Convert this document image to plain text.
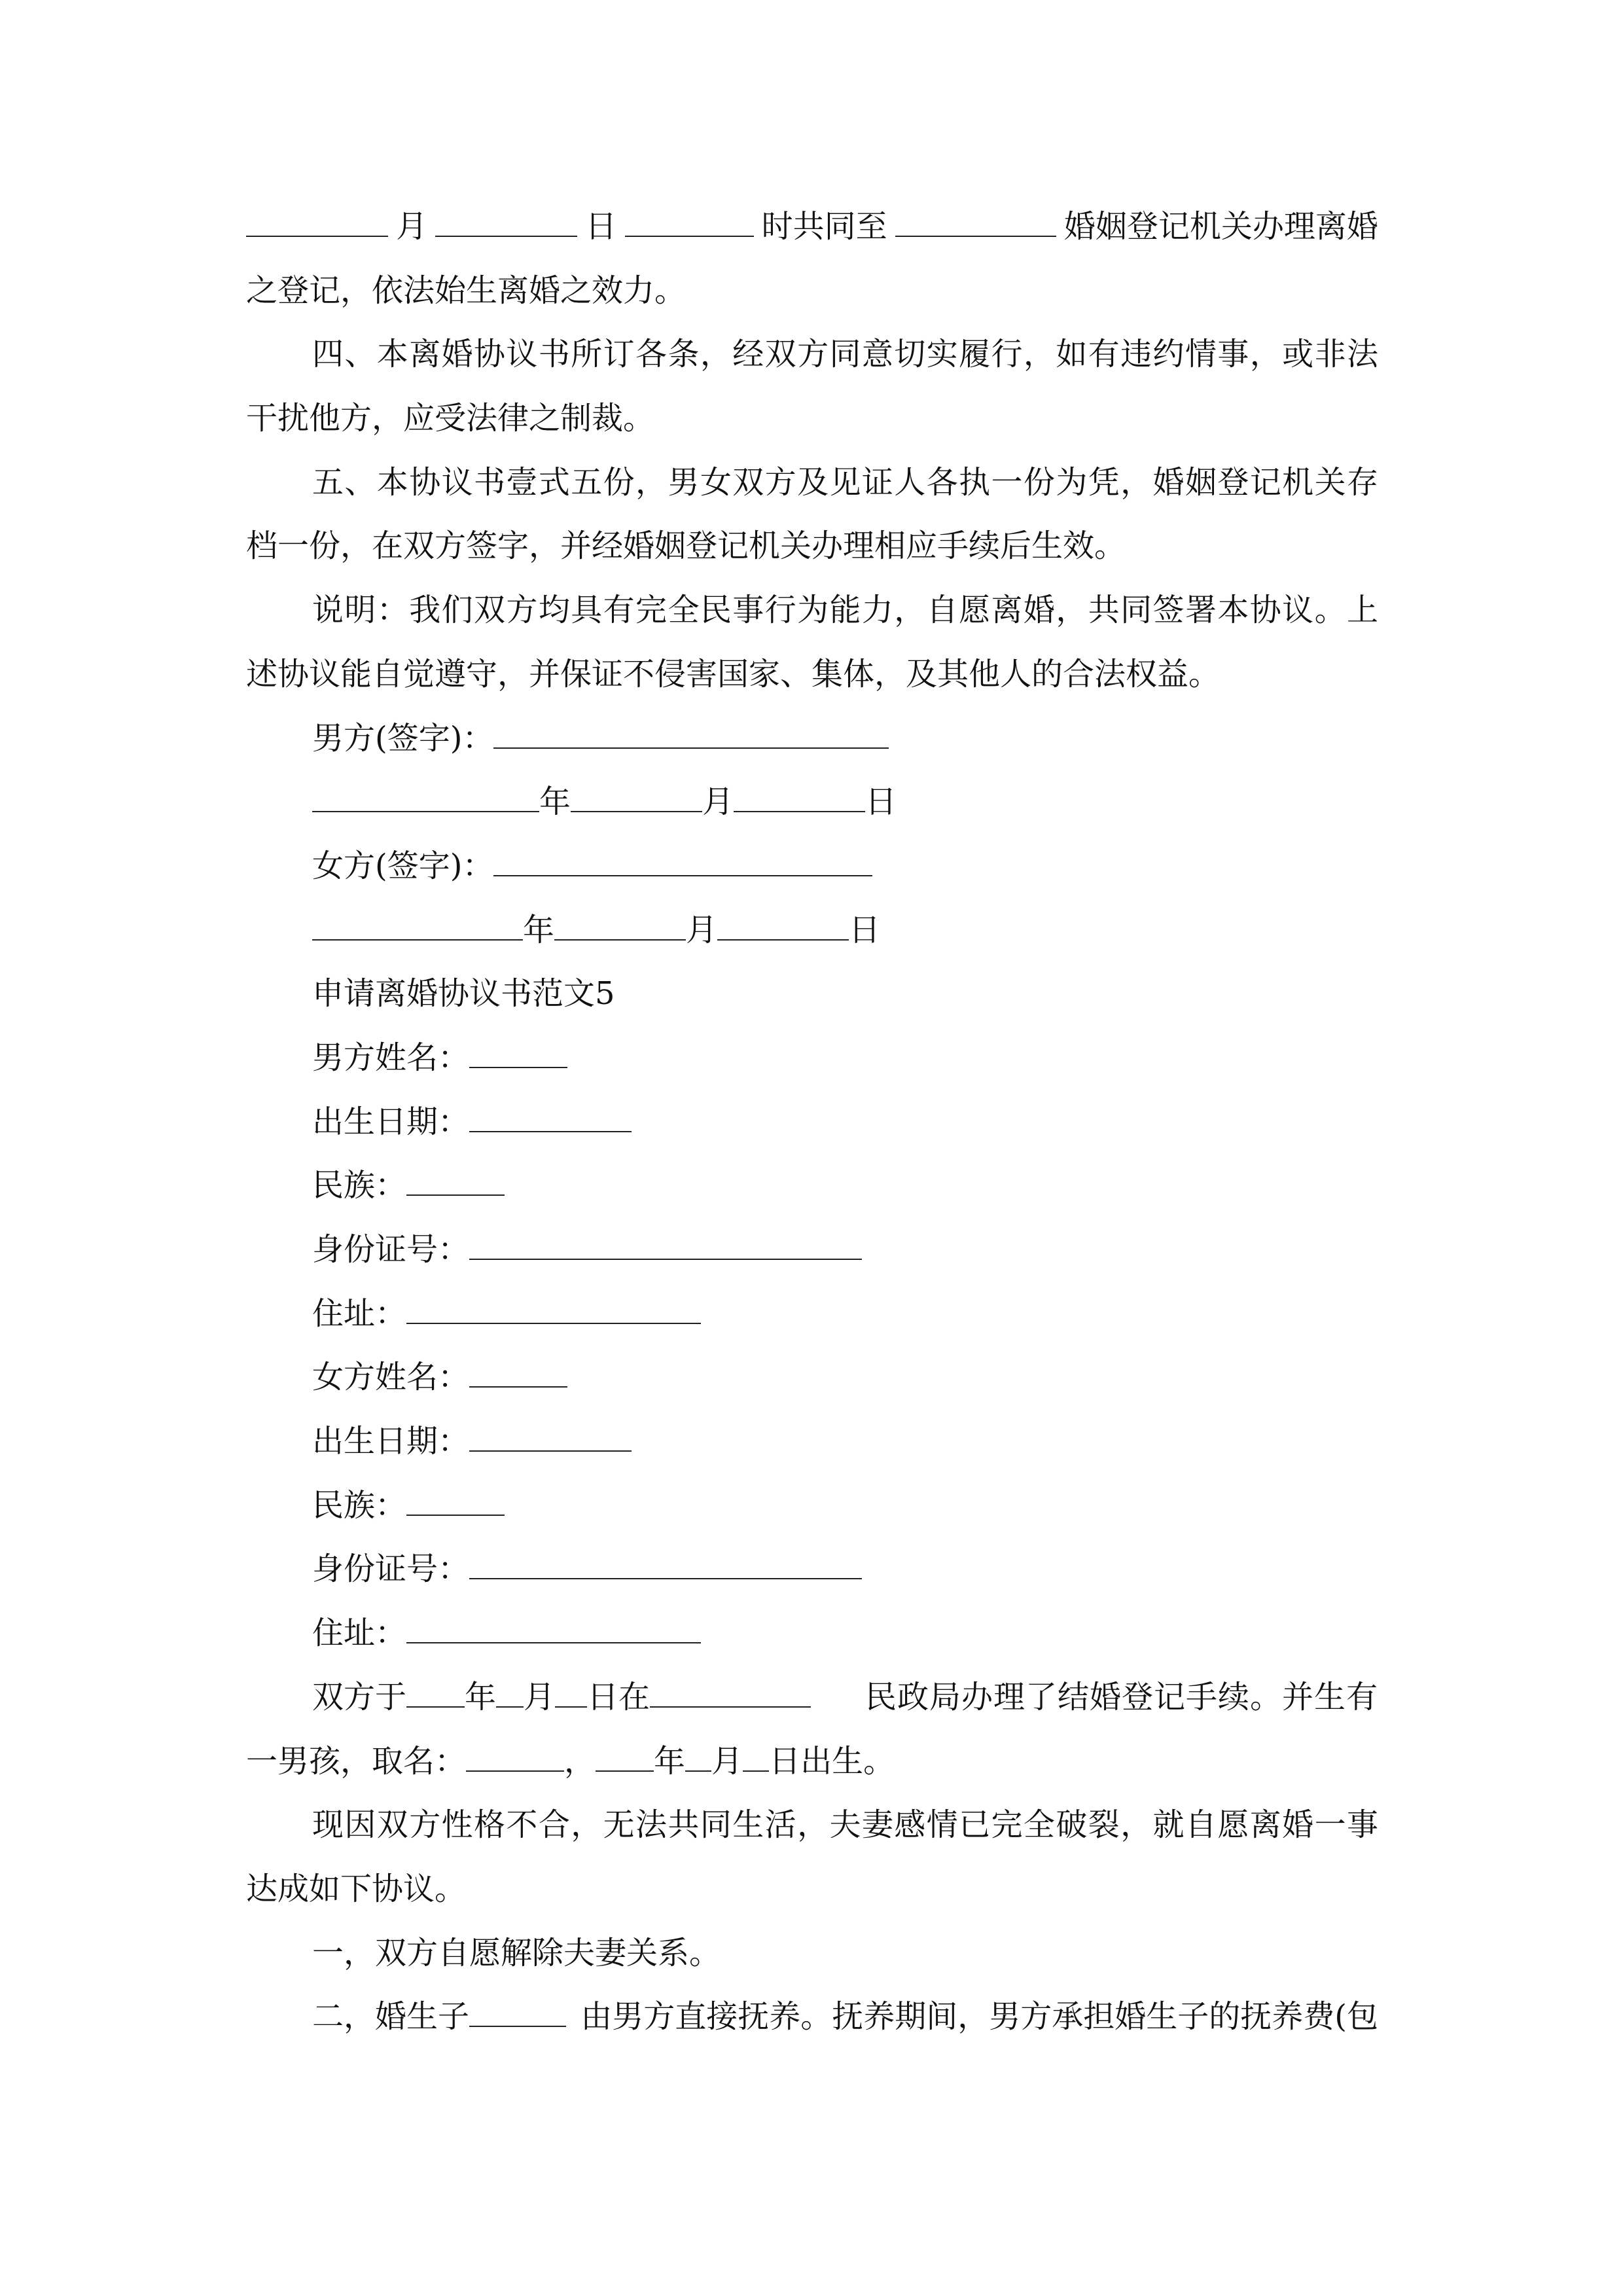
月	日	时共同至	婚姻登记机关办理离婚
之登记，依法始生离婚之效力。
四、本离婚协议书所订各条，经双方同意切实履行，如有违约情事，或非法
干扰他方，应受法律之制裁。
五、本协议书壹式五份，男女双方及见证人各执一份为凭，婚姻登记机关存
档一份，在双方签字，并经婚姻登记机关办理相应手续后生效。
说明：我们双方均具有完全民事行为能力，自愿离婚，共同签署本协议。上
述协议能自觉遵守，并保证不侵害国家、集体，及其他人的合法权益。
男方(签字)：
年	月	日
女方(签字)：
年	月	日
申请离婚协议书范文5
男方姓名：
出生日期：
民族：
身份证号：
住址：
女方姓名：
出生日期：
民族：
身份证号：
住址：
双方于 年 月 日在	民政局办理了结婚登记手续。并生有
一男孩，取名：	， 年 月 日出生。
现因双方性格不合，无法共同生活，夫妻感情已完全破裂，就自愿离婚一事
达成如下协议。
一，双方自愿解除夫妻关系。
二，婚生子	由男方直接抚养。抚养期间，男方承担婚生子的抚养费(包
